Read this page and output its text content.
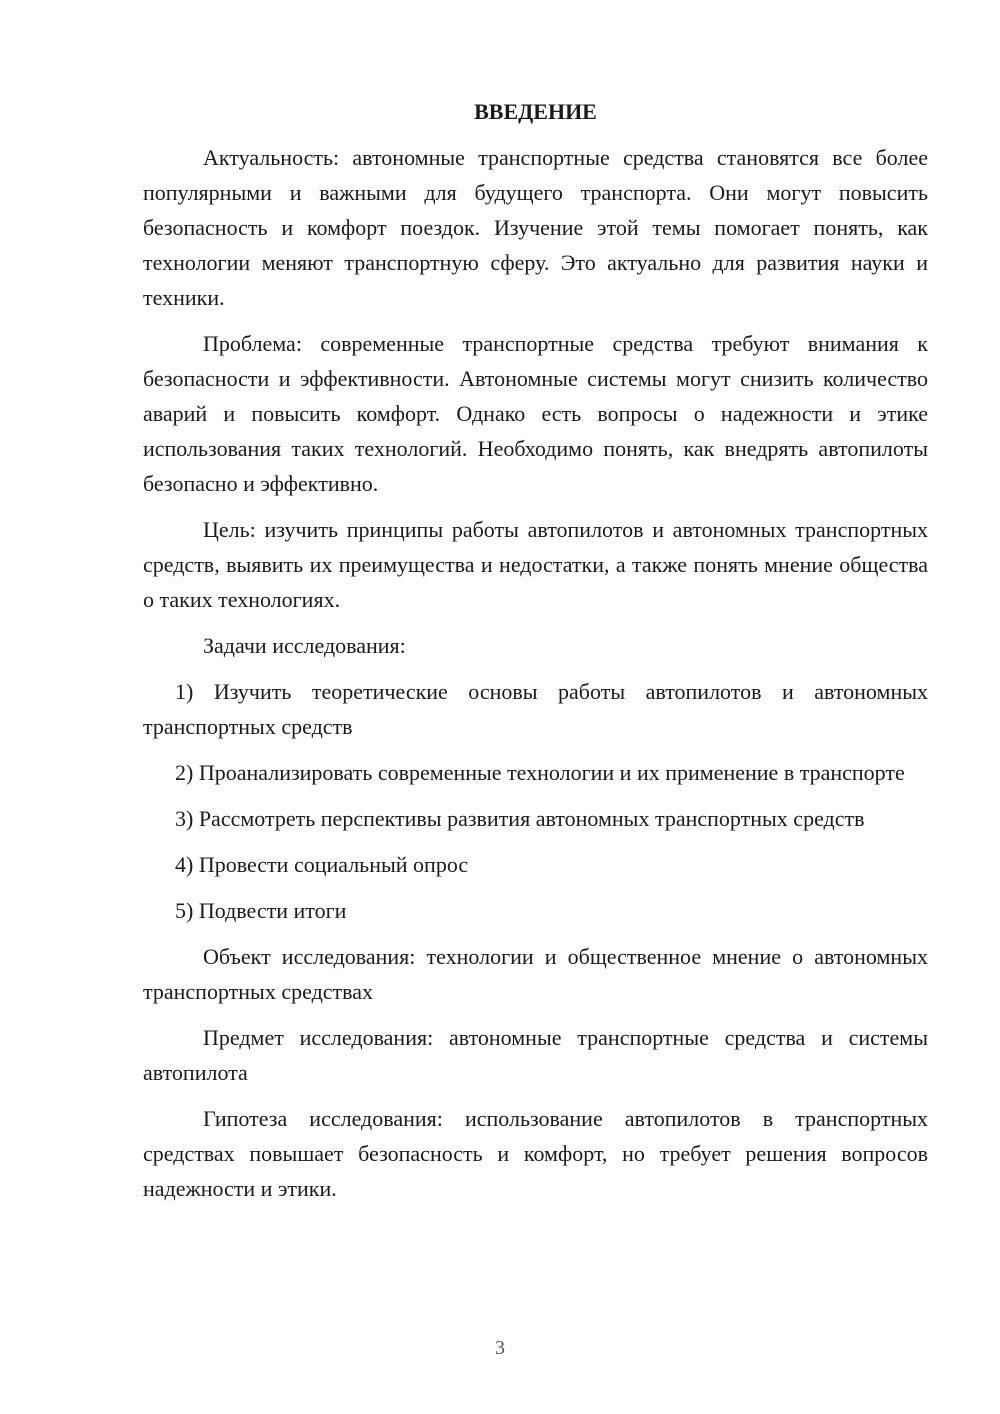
ВВЕДЕНИЕ

Актуальность: автономные транспортные средства становятся все более популярными и важными для будущего транспорта. Они могут повысить безопасность и комфорт поездок. Изучение этой темы помогает понять, как технологии меняют транспортную сферу. Это актуально для развития науки и техники.

Проблема: современные транспортные средства требуют внимания к безопасности и эффективности. Автономные системы могут снизить количество аварий и повысить комфорт. Однако есть вопросы о надежности и этике использования таких технологий. Необходимо понять, как внедрять автопилоты безопасно и эффективно.

Цель: изучить принципы работы автопилотов и автономных транспортных средств, выявить их преимущества и недостатки, а также понять мнение общества о таких технологиях.

Задачи исследования:

1) Изучить теоретические основы работы автопилотов и автономных транспортных средств

2) Проанализировать современные технологии и их применение в транспорте

3) Рассмотреть перспективы развития автономных транспортных средств

4) Провести социальный опрос

5) Подвести итоги

Объект исследования: технологии и общественное мнение о автономных транспортных средствах

Предмет исследования: автономные транспортные средства и системы автопилота

Гипотеза исследования: использование автопилотов в транспортных средствах повышает безопасность и комфорт, но требует решения вопросов надежности и этики.

3
